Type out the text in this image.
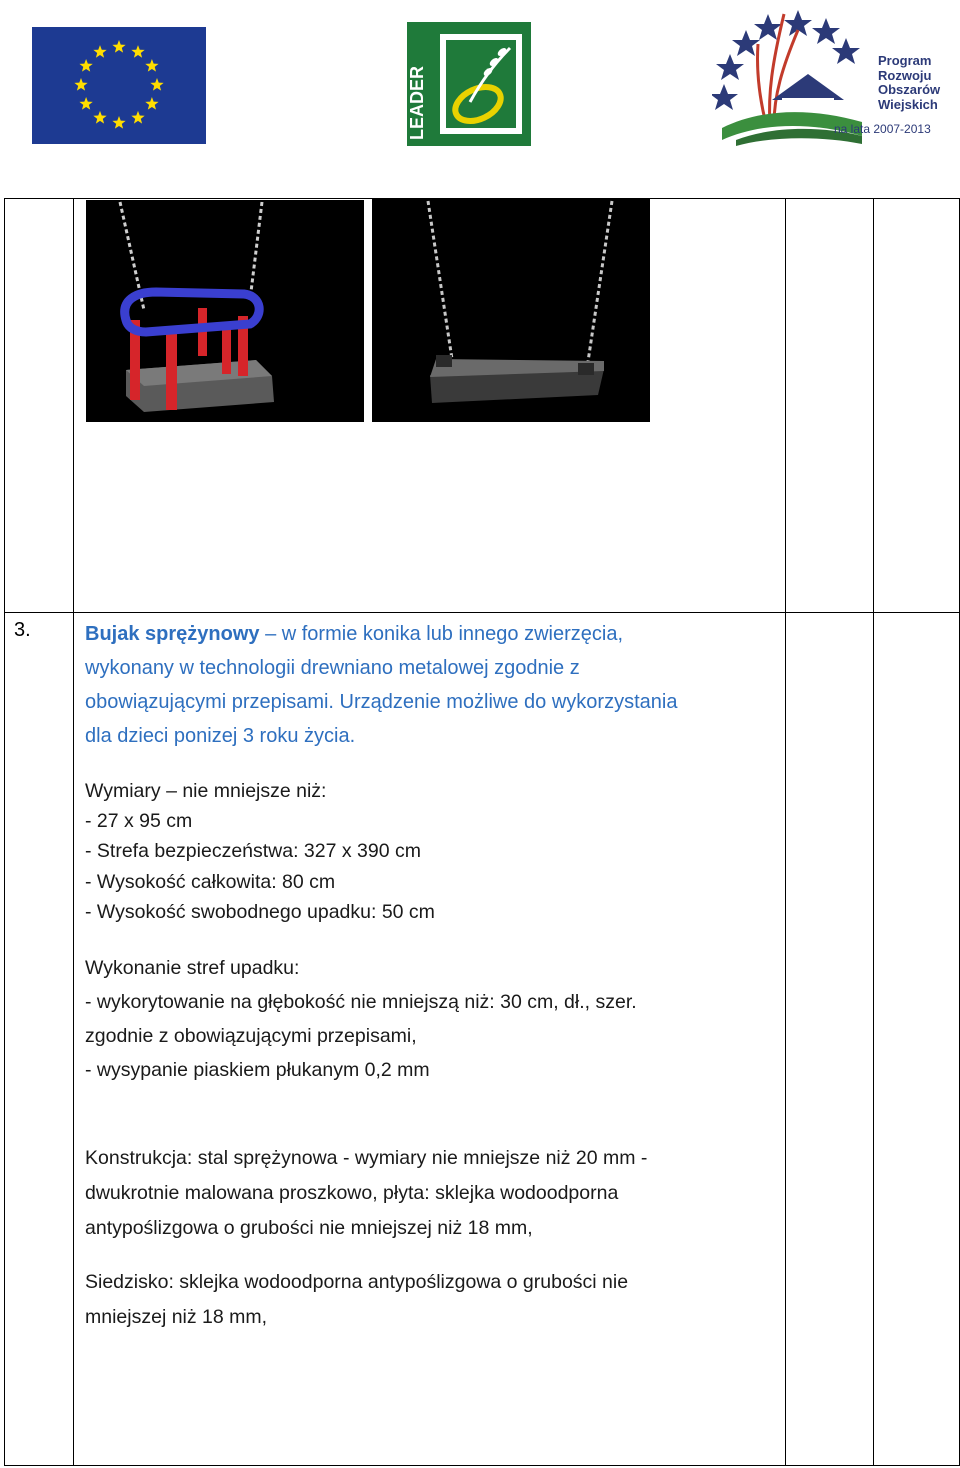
LEADER
Program
Rozwoju
Obszarów
Wiejskich
na lata 2007-2013
3.	Bujak sprężynowy – w formie konika lub innego zwierzęcia,
wykonany w technologii drewniano metalowej zgodnie z
obowiązującymi przepisami. Urządzenie możliwe do wykorzystania
dla dzieci ponizej 3 roku życia.
Wymiary – nie mniejsze niż:
- 27 x 95 cm
- Strefa bezpieczeństwa: 327 x 390 cm
- Wysokość całkowita: 80 cm
- Wysokość swobodnego upadku: 50 cm
Wykonanie stref upadku:
- wykorytowanie na głębokość nie mniejszą niż: 30 cm, dł., szer.
zgodnie z obowiązującymi przepisami,
- wysypanie piaskiem płukanym 0,2 mm
Konstrukcja: stal sprężynowa - wymiary nie mniejsze niż 20 mm -
dwukrotnie malowana proszkowo, płyta: sklejka wodoodporna
antypoślizgowa o grubości nie mniejszej niż 18 mm,
Siedzisko: sklejka wodoodporna antypoślizgowa o grubości nie
mniejszej niż 18 mm,
